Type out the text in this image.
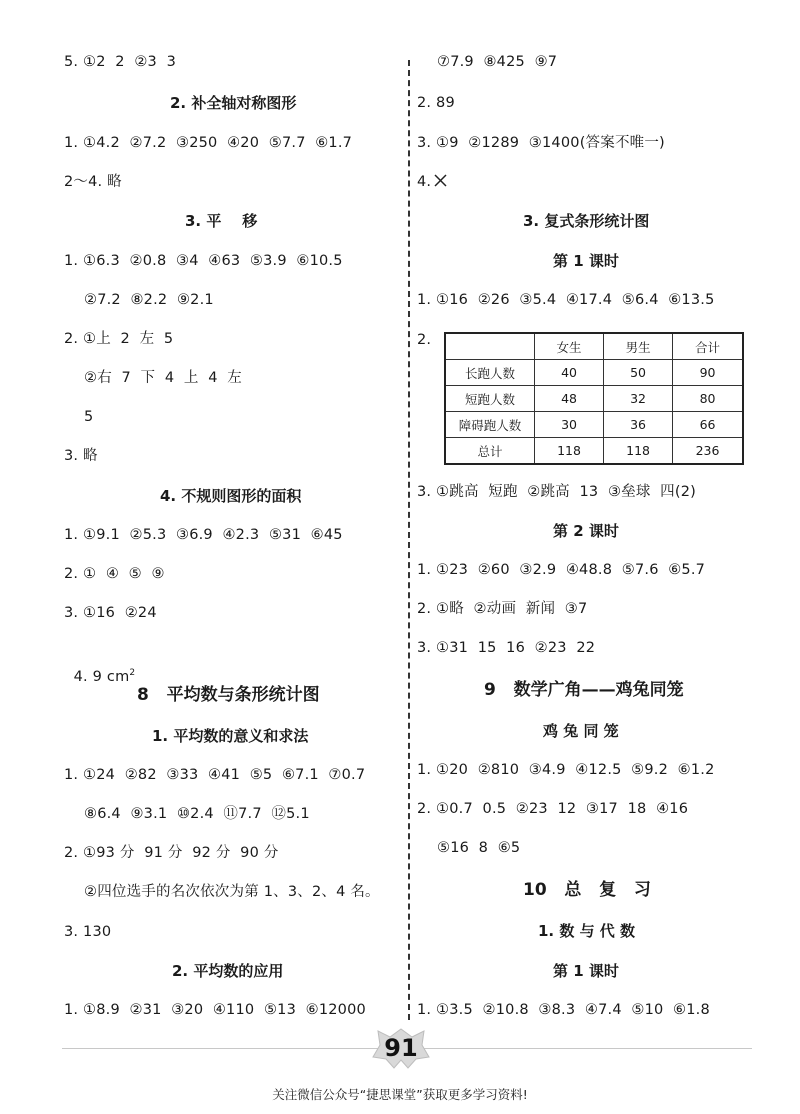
5. ①2  2  ②3  3
2. 补全轴对称图形
1. ①4.2  ②7.2  ③250  ④20  ⑤7.7  ⑥1.7
2～4. 略
3. 平    移
1. ①6.3  ②0.8  ③4  ④63  ⑤3.9  ⑥10.5
②7.2  ⑧2.2  ⑨2.1
2. ①上  2  左  5
②右  7  下  4  上  4  左
5
3. 略
4. 不规则图形的面积
1. ①9.1  ②5.3  ③6.9  ④2.3  ⑤31  ⑥45
2. ①  ④  ⑤  ⑨
3. ①16  ②24

4. 9 $cm^2$

8   平均数与条形统计图
1. 平均数的意义和求法
1. ①24  ②82  ③33  ④41  ⑤5  ⑥7.1  ⑦0.7
⑧6.4  ⑨3.1  ⑩2.4  ⑪7.7  ⑫5.1
2. ①93 分  91 分  92 分  90 分
②四位选手的名次依次为第 1、3、2、4 名。
3. 130
2. 平均数的应用
1. ①8.9  ②31  ③20  ④110  ⑤13  ⑥12000
⑦7.9  ⑧425  ⑨7
2. 89
3. ①9  ②1289  ③1400(答案不唯一)
4.
3. 复式条形统计图
第 1 课时
1. ①16  ②26  ③5.4  ④17.4  ⑤6.4  ⑥13.5
2.
		女生	男生	合计
长跑人数	40	50	90
短跑人数	48	32	80
障碍跑人数	30	36	66
总计	118	118	236
3. ①跳高  短跑  ②跳高  13  ③垒球  四(2)
第 2 课时
1. ①23  ②60  ③2.9  ④48.8  ⑤7.6  ⑥5.7
2. ①略  ②动画  新闻  ③7
3. ①31  15  16  ②23  22
9   数学广角——鸡兔同笼
鸡 兔 同 笼
1. ①20  ②810  ③4.9  ④12.5  ⑤9.2  ⑥1.2
2. ①0.7  0.5  ②23  12  ③17  18  ④16
⑤16  8  ⑥5
10   总   复   习
1. 数 与 代 数
第 1 课时
1. ①3.5  ②10.8  ③8.3  ④7.4  ⑤10  ⑥1.8
91
关注微信公众号“捷思课堂”获取更多学习资料!
